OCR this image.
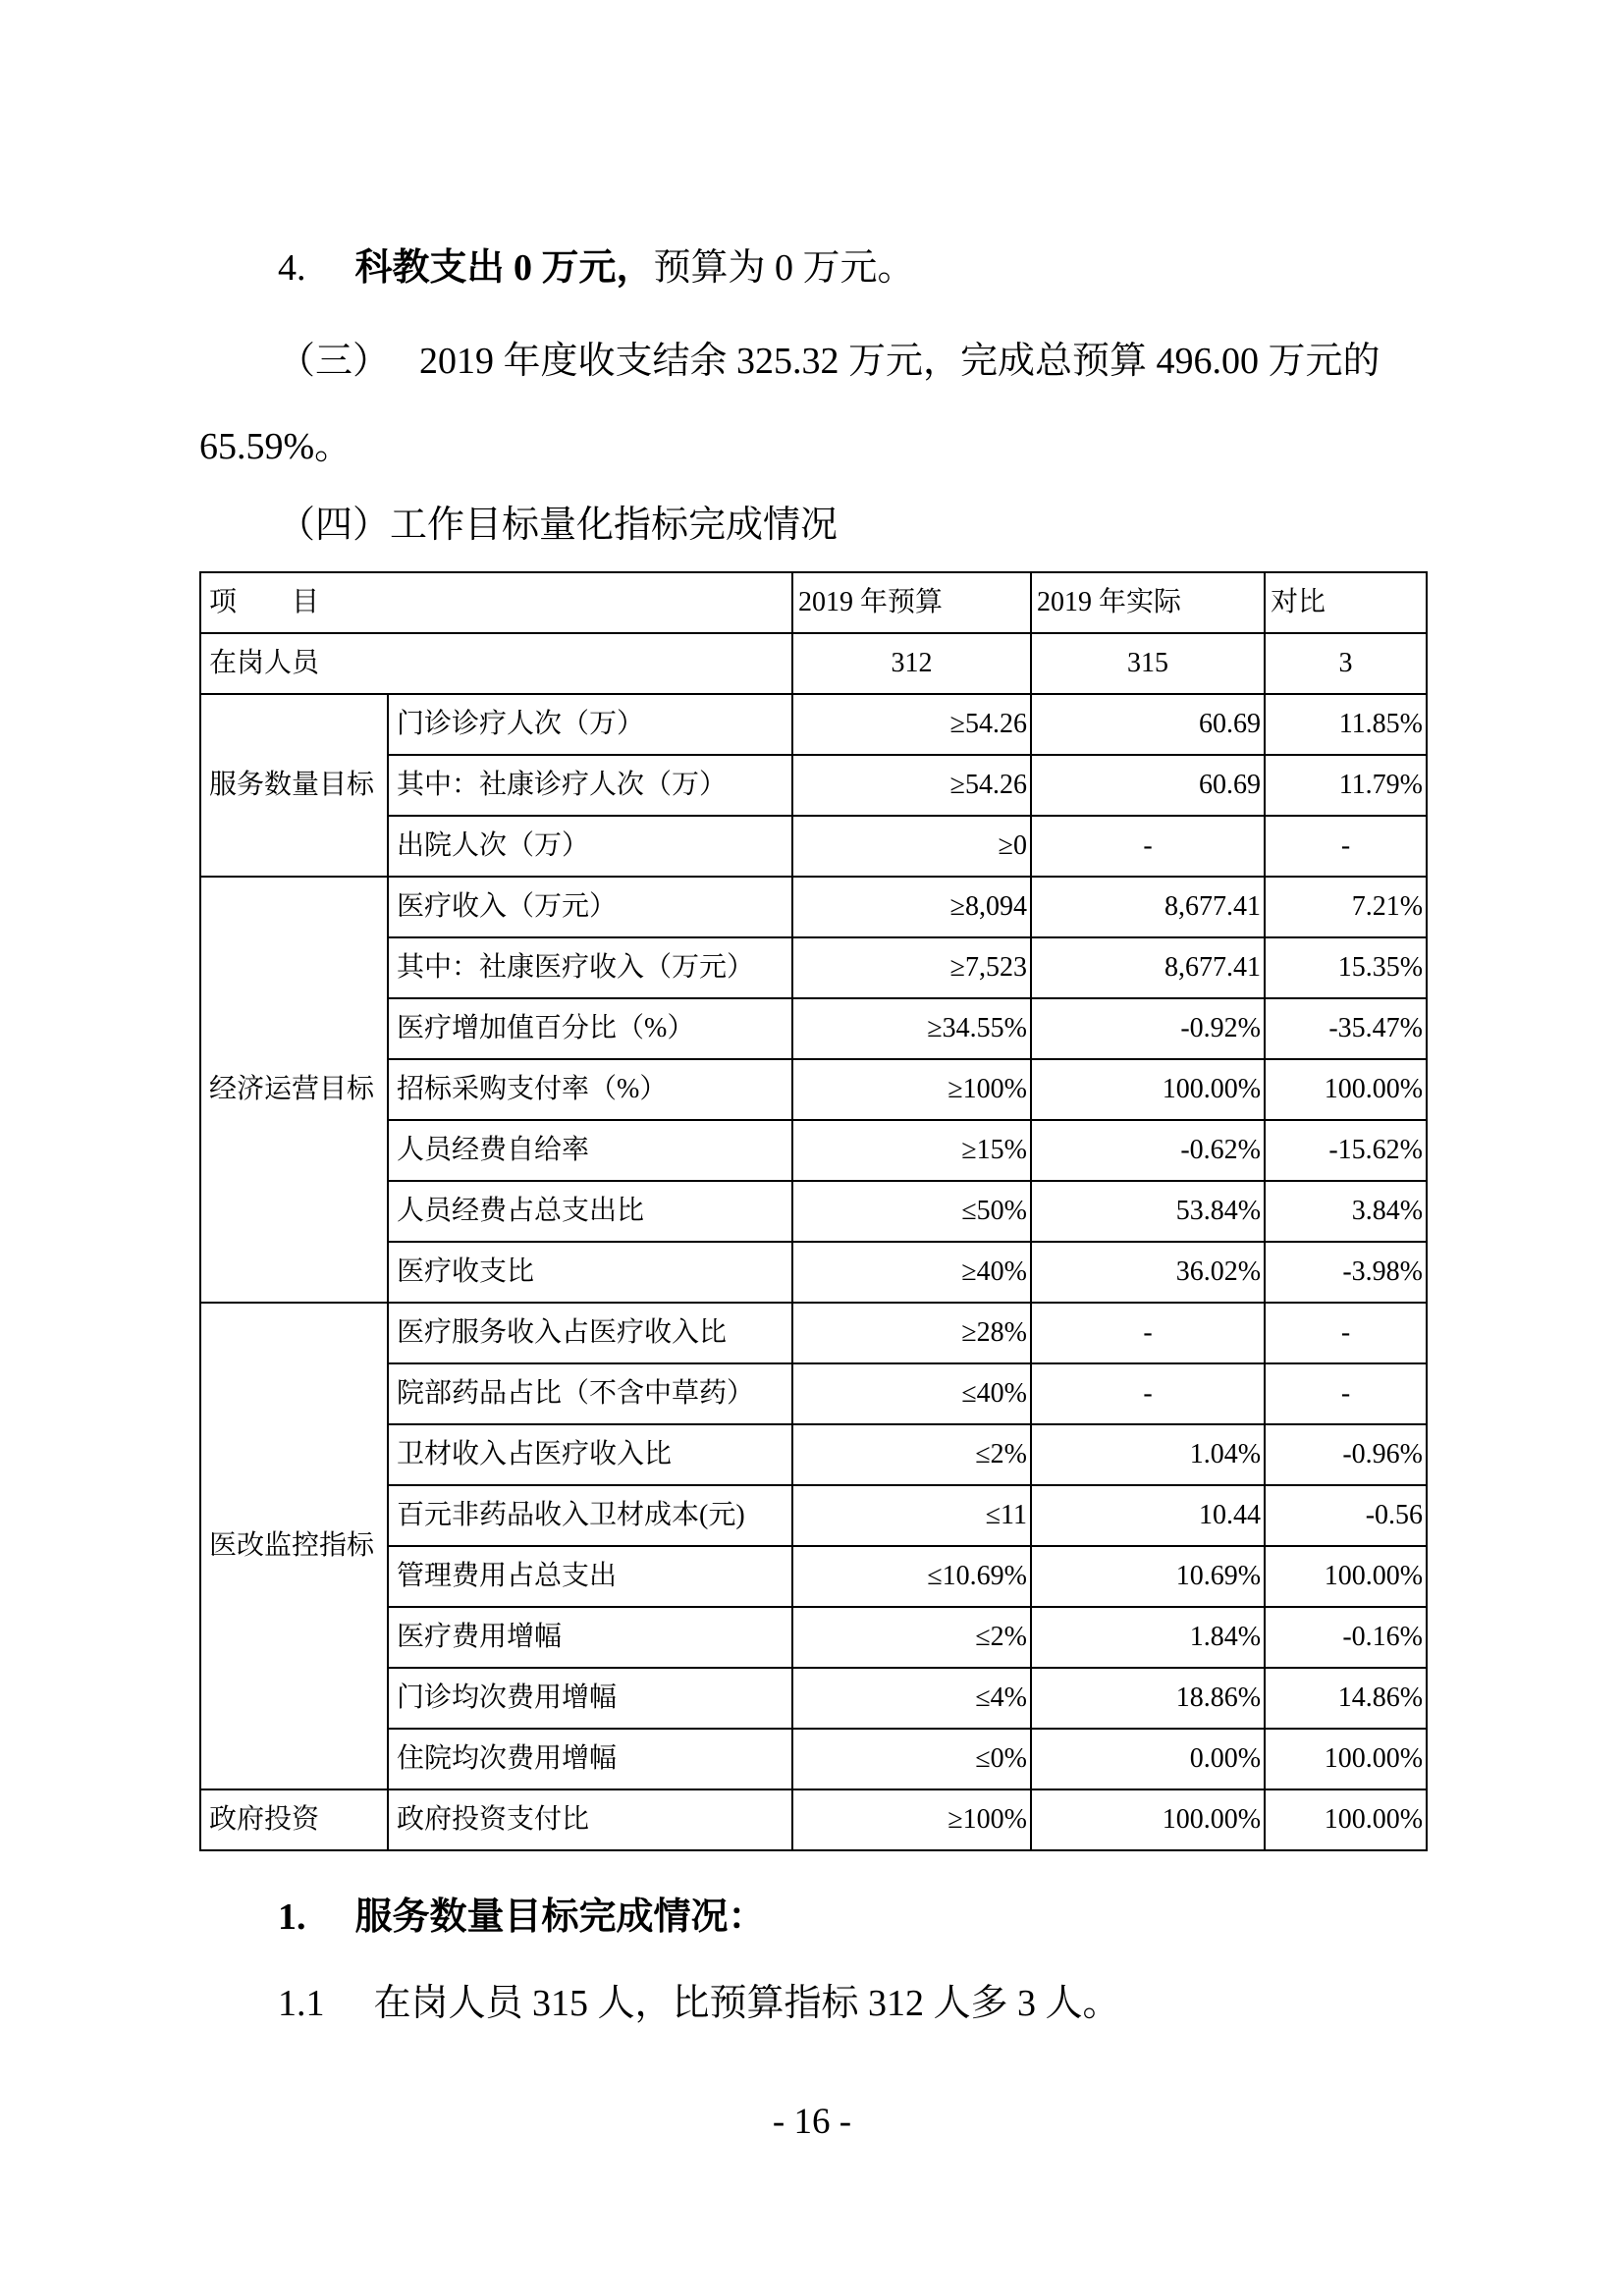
4. 科教支出 0 万元，预算为 0 万元。
（三） 2019 年度收支结余 325.32 万元，完成总预算 496.00 万元的
65.59%。
（四）工作目标量化指标完成情况
项　　目		2019 年预算	2019 年实际	对比
在岗人员		312	315	3
服务数量目标	门诊诊疗人次（万）	≥54.26	60.69	11.85%
	其中：社康诊疗人次（万）	≥54.26	60.69	11.79%
	出院人次（万）	≥0	-	-
经济运营目标	医疗收入（万元）	≥8,094	8,677.41	7.21%
	其中：社康医疗收入（万元）	≥7,523	8,677.41	15.35%
	医疗增加值百分比（%）	≥34.55%	-0.92%	-35.47%
	招标采购支付率（%）	≥100%	100.00%	100.00%
	人员经费自给率	≥15%	-0.62%	-15.62%
	人员经费占总支出比	≤50%	53.84%	3.84%
	医疗收支比	≥40%	36.02%	-3.98%
医改监控指标	医疗服务收入占医疗收入比	≥28%	-	-
	院部药品占比（不含中草药）	≤40%	-	-
	卫材收入占医疗收入比	≤2%	1.04%	-0.96%
	百元非药品收入卫材成本(元)	≤11	10.44	-0.56
	管理费用占总支出	≤10.69%	10.69%	100.00%
	医疗费用增幅	≤2%	1.84%	-0.16%
	门诊均次费用增幅	≤4%	18.86%	14.86%
	住院均次费用增幅	≤0%	0.00%	100.00%
政府投资	政府投资支付比	≥100%	100.00%	100.00%
1. 服务数量目标完成情况：
1.1 在岗人员 315 人，比预算指标 312 人多 3 人。
- 16 -
